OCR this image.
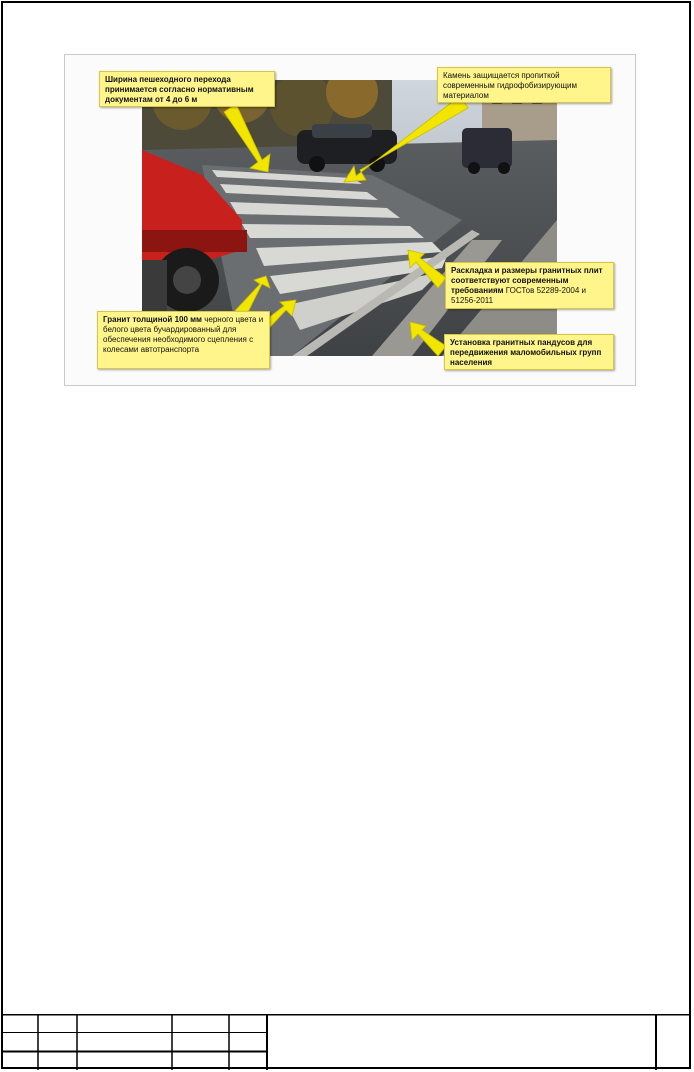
Ширина пешеходного перехода принимается согласно нормативным документам от 4 до 6 м
Камень защищается пропиткой современным гидрофобизирующим материалом
Раскладка и размеры гранитных плит соответствуют современным требованиям ГОСТов 52289-2004 и 51256-2011
Гранит толщиной 100 мм черного цвета и белого цвета бучардированный для обеспечения необходимого сцепления с колесами автотранспорта
Установка гранитных пандусов для передвижения маломобильных групп населения
